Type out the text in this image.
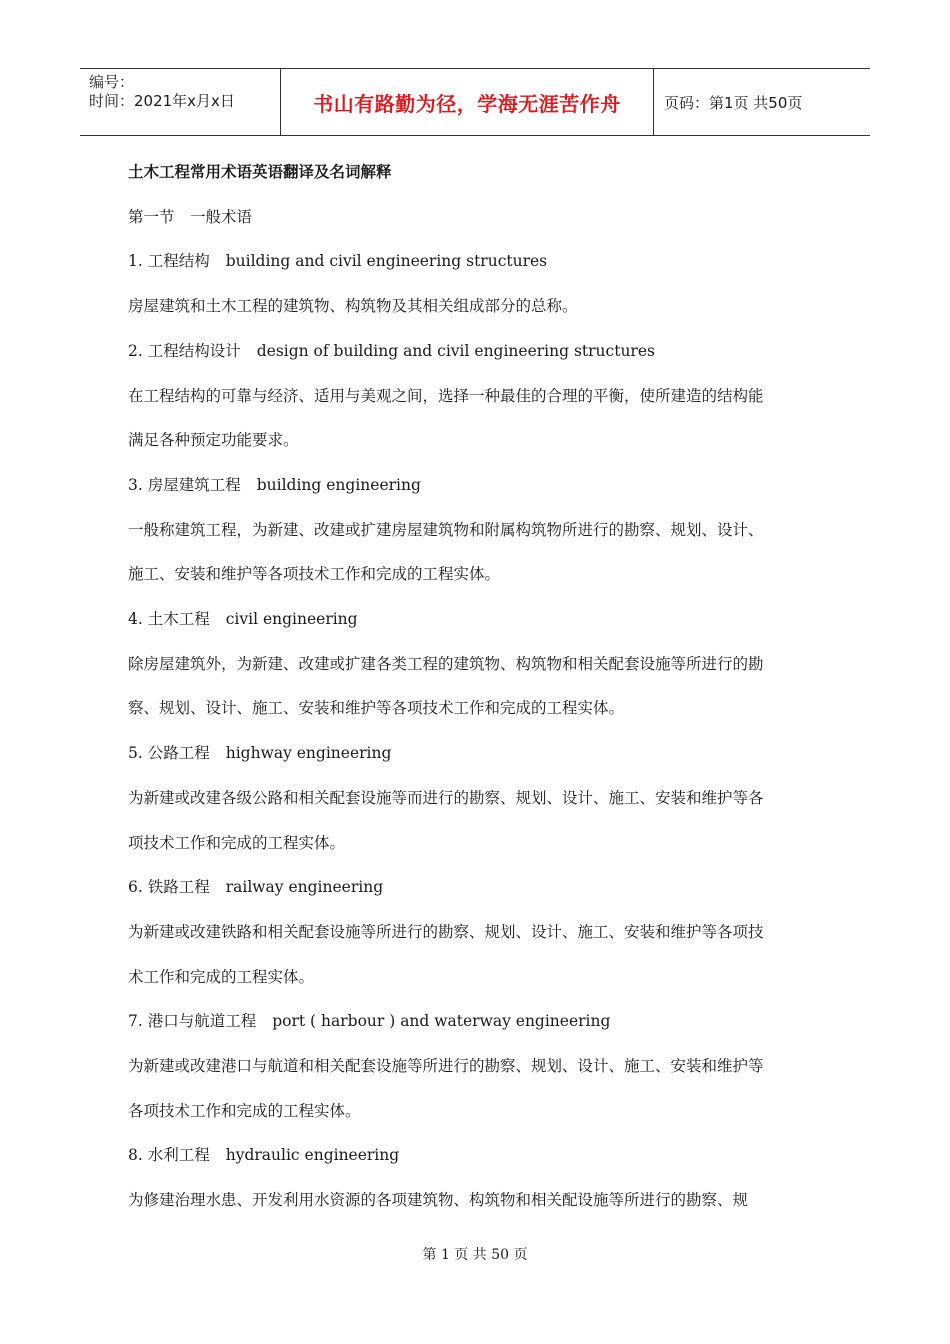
编号：
时间：2021年x月x日	书山有路勤为径，学海无涯苦作舟	页码：第1页 共50页

土木工程常用术语英语翻译及名词解释

第一节　一般术语

1. 工程结构 building and civil engineering structures

房屋建筑和土木工程的建筑物、构筑物及其相关组成部分的总称。

2. 工程结构设计 design of building and civil engineering structures

在工程结构的可靠与经济、适用与美观之间，选择一种最佳的合理的平衡，使所建造的结构能

满足各种预定功能要求。

3. 房屋建筑工程 building engineering

一般称建筑工程，为新建、改建或扩建房屋建筑物和附属构筑物所进行的勘察、规划、设计、

施工、安装和维护等各项技术工作和完成的工程实体。

4. 土木工程 civil engineering

除房屋建筑外，为新建、改建或扩建各类工程的建筑物、构筑物和相关配套设施等所进行的勘

察、规划、设计、施工、安装和维护等各项技术工作和完成的工程实体。

5. 公路工程 highway engineering

为新建或改建各级公路和相关配套设施等而进行的勘察、规划、设计、施工、安装和维护等各

项技术工作和完成的工程实体。

6. 铁路工程 railway engineering

为新建或改建铁路和相关配套设施等所进行的勘察、规划、设计、施工、安装和维护等各项技

术工作和完成的工程实体。

7. 港口与航道工程 port ( harbour ) and waterway engineering

为新建或改建港口与航道和相关配套设施等所进行的勘察、规划、设计、施工、安装和维护等

各项技术工作和完成的工程实体。

8. 水利工程 hydraulic engineering

为修建治理水患、开发利用水资源的各项建筑物、构筑物和相关配设施等所进行的勘察、规

第 1 页 共 50 页
